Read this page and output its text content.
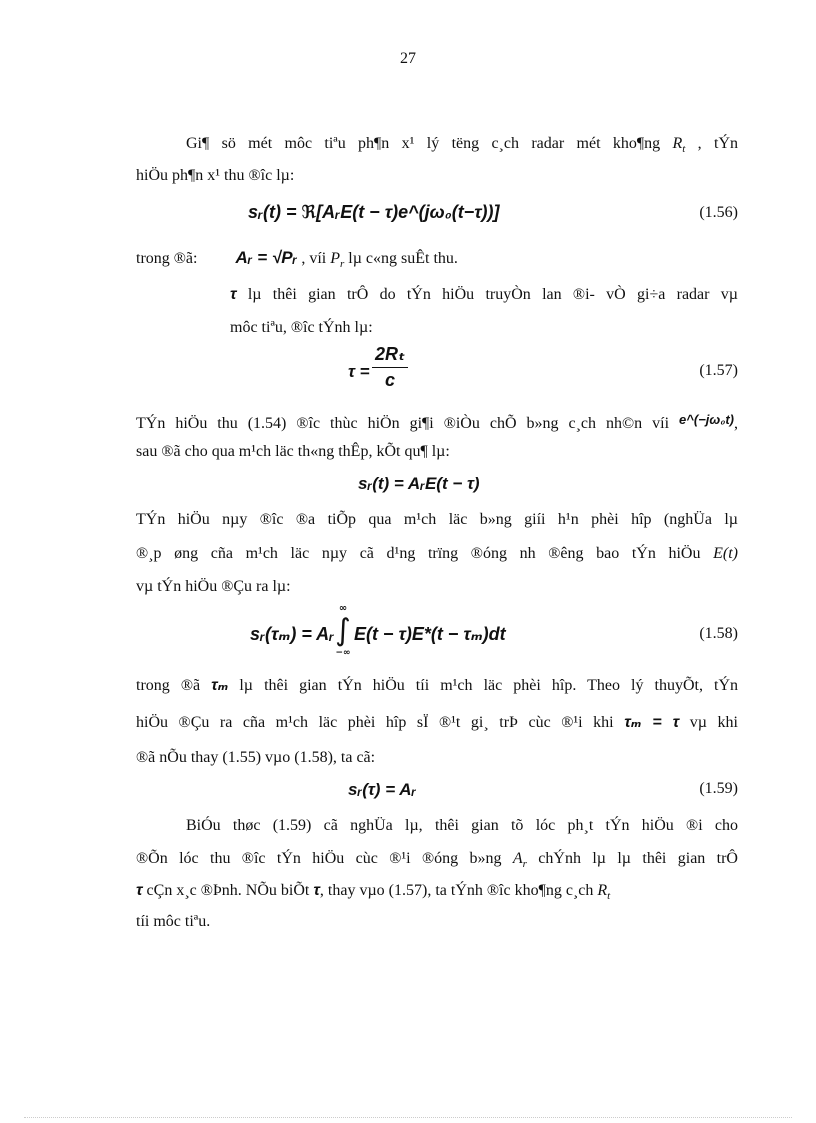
27
Gi¶ sö mét môc tiªu ph¶n x¹ lý tëng c¸ch radar mét kho¶ng $R_t$ , tÝn
hiÖu ph¶n x¹ thu ®îc lµ:
sᵣ(t) = ℜ[AᵣE(t − τ)e^(jω₀(t−τ))]	(1.56)
trong ®ã: Aᵣ = √Pᵣ , víi $P_r$ lµ c«ng suÊt thu.
τ lµ thêi gian trÔ do tÝn hiÖu truyÒn lan ®i- vÒ gi÷a radar vµ
môc tiªu, ®îc tÝnh lµ:
τ =
2Rₜ
c	(1.57)
TÝn hiÖu thu (1.54) ®îc thùc hiÖn gi¶i ®iÒu chÕ b»ng c¸ch nh©n víi $^{e\^{}(-j\omega_0t)}$,
sau ®ã cho qua m¹ch läc th«ng thÊp, kÕt qu¶ lµ:
sᵣ(t) = AᵣE(t − τ)
TÝn hiÖu nµy ®îc ®a tiÕp qua m¹ch läc b»ng giíi h¹n phèi hîp (nghÜa lµ
®¸p øng cña m¹ch läc nµy cã d¹ng trïng ®óng nh ®êng bao tÝn hiÖu E(t)
vµ tÝn hiÖu ®Çu ra lµ:
sᵣ(τₘ) = Aᵣ
∞
∫
−∞
E(t − τ)E*(t − τₘ)dt	(1.58)
trong ®ã τₘ lµ thêi gian tÝn hiÖu tíi m¹ch läc phèi hîp. Theo lý thuyÕt, tÝn
hiÖu ®Çu ra cña m¹ch läc phèi hîp sÏ ®¹t gi¸ trÞ cùc ®¹i khi τₘ = τ vµ khi
®ã nÕu thay (1.55) vµo (1.58), ta cã:
sᵣ(τ) = Aᵣ	(1.59)
BiÓu thøc (1.59) cã nghÜa lµ, thêi gian tõ lóc ph¸t tÝn hiÖu ®i cho
®Õn lóc thu ®îc tÝn hiÖu cùc ®¹i ®óng b»ng $A_r$ chÝnh lµ lµ thêi gian trÔ
τ cÇn x¸c ®Þnh. NÕu biÕt τ, thay vµo (1.57), ta tÝnh ®îc kho¶ng c¸ch $R_t$
tíi môc tiªu.
